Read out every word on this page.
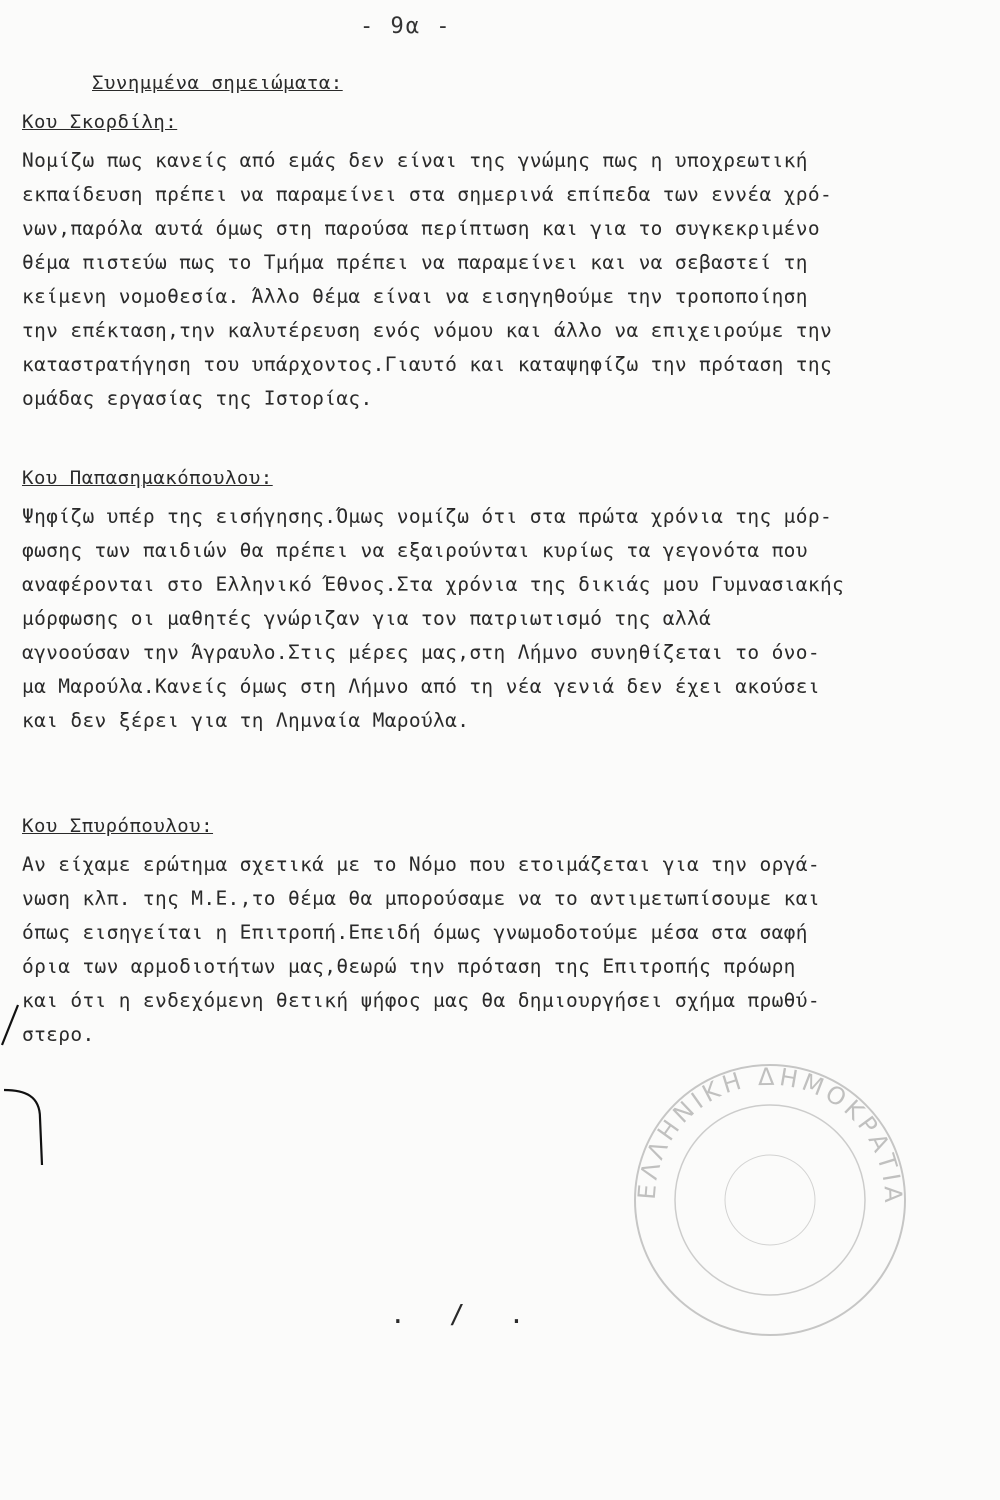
- 9α -
Συνημμένα σημειώματα:
Κου Σκορδίλη:
Νομίζω πως κανείς από εμάς δεν είναι της γνώμης πως η υποχρεωτική
εκπαίδευση πρέπει να παραμείνει στα σημερινά επίπεδα των εννέα χρό-
νων,παρόλα αυτά όμως στη παρούσα περίπτωση και για το συγκεκριμένο
θέμα πιστεύω πως το Τμήμα πρέπει να παραμείνει και να σεβαστεί τη
κείμενη νομοθεσία. Άλλο θέμα είναι να εισηγηθούμε την τροποποίηση
την επέκταση,την καλυτέρευση ενός νόμου και άλλο να επιχειρούμε την
καταστρατήγηση του υπάρχοντος.Γιαυτό και καταψηφίζω την πρόταση της
ομάδας εργασίας της Ιστορίας.
Κου Παπασημακόπουλου:
Ψηφίζω υπέρ της εισήγησης.Όμως νομίζω ότι στα πρώτα χρόνια της μόρ-
φωσης των παιδιών θα πρέπει να εξαιρούνται κυρίως τα γεγονότα που
αναφέρονται στο Ελληνικό Έθνος.Στα χρόνια της δικιάς μου Γυμνασιακής
μόρφωσης οι μαθητές γνώριζαν για τον πατριωτισμό της αλλά
αγνοούσαν την Άγραυλο.Στις μέρες μας,στη Λήμνο συνηθίζεται το όνο-
μα Μαρούλα.Κανείς όμως στη Λήμνο από τη νέα γενιά δεν έχει ακούσει
και δεν ξέρει για τη Λημναία Μαρούλα.
Κου Σπυρόπουλου:
Αν είχαμε ερώτημα σχετικά με το Νόμο που ετοιμάζεται για την οργά-
νωση κλπ. της Μ.Ε.,το θέμα θα μπορούσαμε να το αντιμετωπίσουμε και
όπως εισηγείται η Επιτροπή.Επειδή όμως γνωμοδοτούμε μέσα στα σαφή
όρια των αρμοδιοτήτων μας,θεωρώ την πρόταση της Επιτροπής πρόωρη
και ότι η ενδεχόμενη θετική ψήφος μας θα δημιουργήσει σχήμα πρωθύ-
στερο.
ΕΛΛΗΝΙΚΗ ΔΗΜΟΚΡΑΤΙΑ
. / .
